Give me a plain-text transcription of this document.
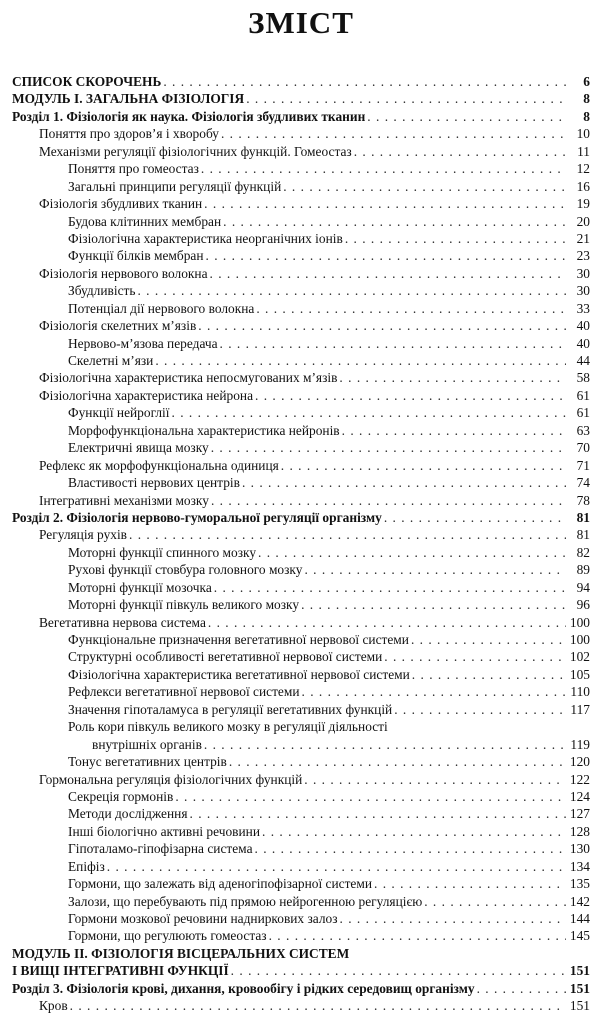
ЗМІСТ
СПИСОК СКОРОЧЕНЬ . . .	6
МОДУЛЬ І. ЗАГАЛЬНА ФІЗІОЛОГІЯ . . .	8
Розділ 1. Фізіологія як наука. Фізіологія збудливих тканин . . .	8
Поняття про здоров’я і хворобу . . .	10
Механізми регуляції фізіологічних функцій. Гомеостаз . . .	11
Поняття про гомеостаз . . .	12
Загальні принципи регуляції функцій . . .	16
Фізіологія збудливих тканин . . .	19
Будова клітинних мембран . . .	20
Фізіологічна характеристика неорганічних іонів . . .	21
Функції білків мембран . . .	23
Фізіологія нервового волокна . . .	30
Збудливість . . .	30
Потенціал дії нервового волокна . . .	33
Фізіологія скелетних м’язів . . .	40
Нервово-м’язова передача . . .	40
Скелетні м’язи . . .	44
Фізіологічна характеристика непосмугованих м’язів . . .	58
Фізіологічна характеристика нейрона . . .	61
Функції нейроглії . . .	61
Морфофункціональна характеристика нейронів . . .	63
Електричні явища мозку . . .	70
Рефлекс як морфофункціональна одиниця . . .	71
Властивості нервових центрів . . .	74
Інтегративні механізми мозку . . .	78
Розділ 2. Фізіологія нервово-гуморальної регуляції організму . . .	81
Регуляція рухів . . .	81
Моторні функції спинного мозку . . .	82
Рухові функції стовбура головного мозку . . .	89
Моторні функції мозочка . . .	94
Моторні функції півкуль великого мозку . . .	96
Вегетативна нервова система . . .	100
Функціональне призначення вегетативної нервової системи . . .	100
Структурні особливості вегетативної нервової системи . . .	102
Фізіологічна характеристика вегетативної нервової системи . . .	105
Рефлекси вегетативної нервової системи . . .	110
Значення гіпоталамуса в регуляції вегетативних функцій . . .	117
Роль кори півкуль великого мозку в регуляції діяльності
внутрішніх органів . . .	119
Тонус вегетативних центрів . . .	120
Гормональна регуляція фізіологічних функцій . . .	122
Секреція гормонів . . .	124
Методи дослідження . . .	127
Інші біологічно активні речовини . . .	128
Гіпоталамо-гіпофізарна система . . .	130
Епіфіз . . .	134
Гормони, що залежать від аденогіпофізарної системи . . .	135
Залози, що перебувають під прямою нейрогенною регуляцією . . .	142
Гормони мозкової речовини надниркових залоз . . .	144
Гормони, що регулюють гомеостаз . . .	145
МОДУЛЬ II. ФІЗІОЛОГІЯ ВІСЦЕРАЛЬНИХ СИСТЕМ
І ВИЩІ ІНТЕГРАТИВНІ ФУНКЦІЇ . . .	151
Розділ 3. Фізіологія крові, дихання, кровообігу і рідких середовищ організму . . .	151
Кров . . .	151
